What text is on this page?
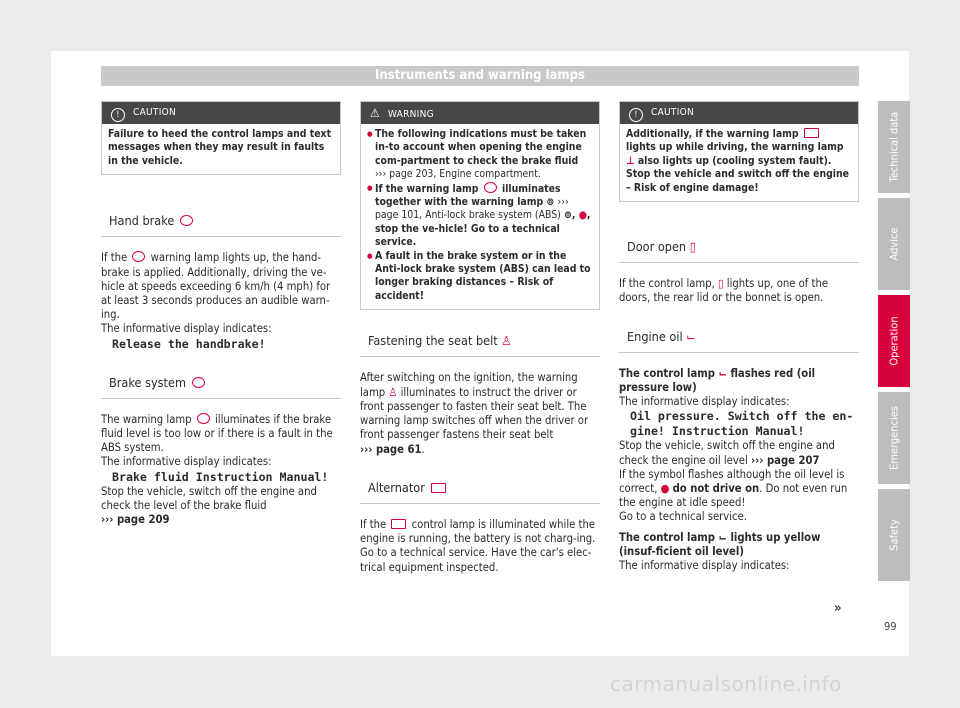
Instruments and warning lamps
! CAUTION
Failure to heed the control lamps and text messages when they may result in faults in the vehicle.
Hand brake

If the warning lamp lights up, the hand-brake is applied. Additionally, driving the ve-hicle at speeds exceeding 6 km/h (4 mph) for at least 3 seconds produces an audible warn-ing.

The informative display indicates:

Release the handbrake!

Brake system

The warning lamp illuminates if the brake fluid level is too low or if there is a fault in the ABS system.

The informative display indicates:

Brake fluid Instruction Manual!

Stop the vehicle, switch off the engine and check the level of the brake fluid
››› page 209

⚠ WARNING
● The following indications must be taken in-to account when opening the engine com-partment to check the brake fluid
››› page 203, Engine compartment.
● If the warning lamp illuminates together with the warning lamp ⊚ ››› page 101, Anti-lock brake system (ABS) ⊚, ●, stop the ve-hicle! Go to a technical service.
● A fault in the brake system or in the Anti-lock brake system (ABS) can lead to longer braking distances – Risk of accident!
Fastening the seat belt ♙

After switching on the ignition, the warning lamp ♙ illuminates to instruct the driver or front passenger to fasten their seat belt. The warning lamp switches off when the driver or front passenger fastens their seat belt
››› page 61.

Alternator

If the control lamp is illuminated while the engine is running, the battery is not charg-ing.

Go to a technical service. Have the car's elec-trical equipment inspected.

! CAUTION
Additionally, if the warning lamp  lights up while driving, the warning lamp ⊥ also lights up (cooling system fault). Stop the vehicle and switch off the engine – Risk of engine damage!
Door open ▯

If the control lamp, ▯ lights up, one of the doors, the rear lid or the bonnet is open.

Engine oil ⌙

The control lamp ⌙ flashes red (oil pressure low)

The informative display indicates:

Oil pressure. Switch off the en-gine! Instruction Manual!

Stop the vehicle, switch off the engine and check the engine oil level ››› page 207

If the symbol flashes although the oil level is correct, ● do not drive on. Do not even run the engine at idle speed!

Go to a technical service.

The control lamp ⌙ lights up yellow (insuf-ficient oil level)

The informative display indicates:

»
Technical data
Advice
Operation
Emergencies
Safety
99
carmanualsonline.info
